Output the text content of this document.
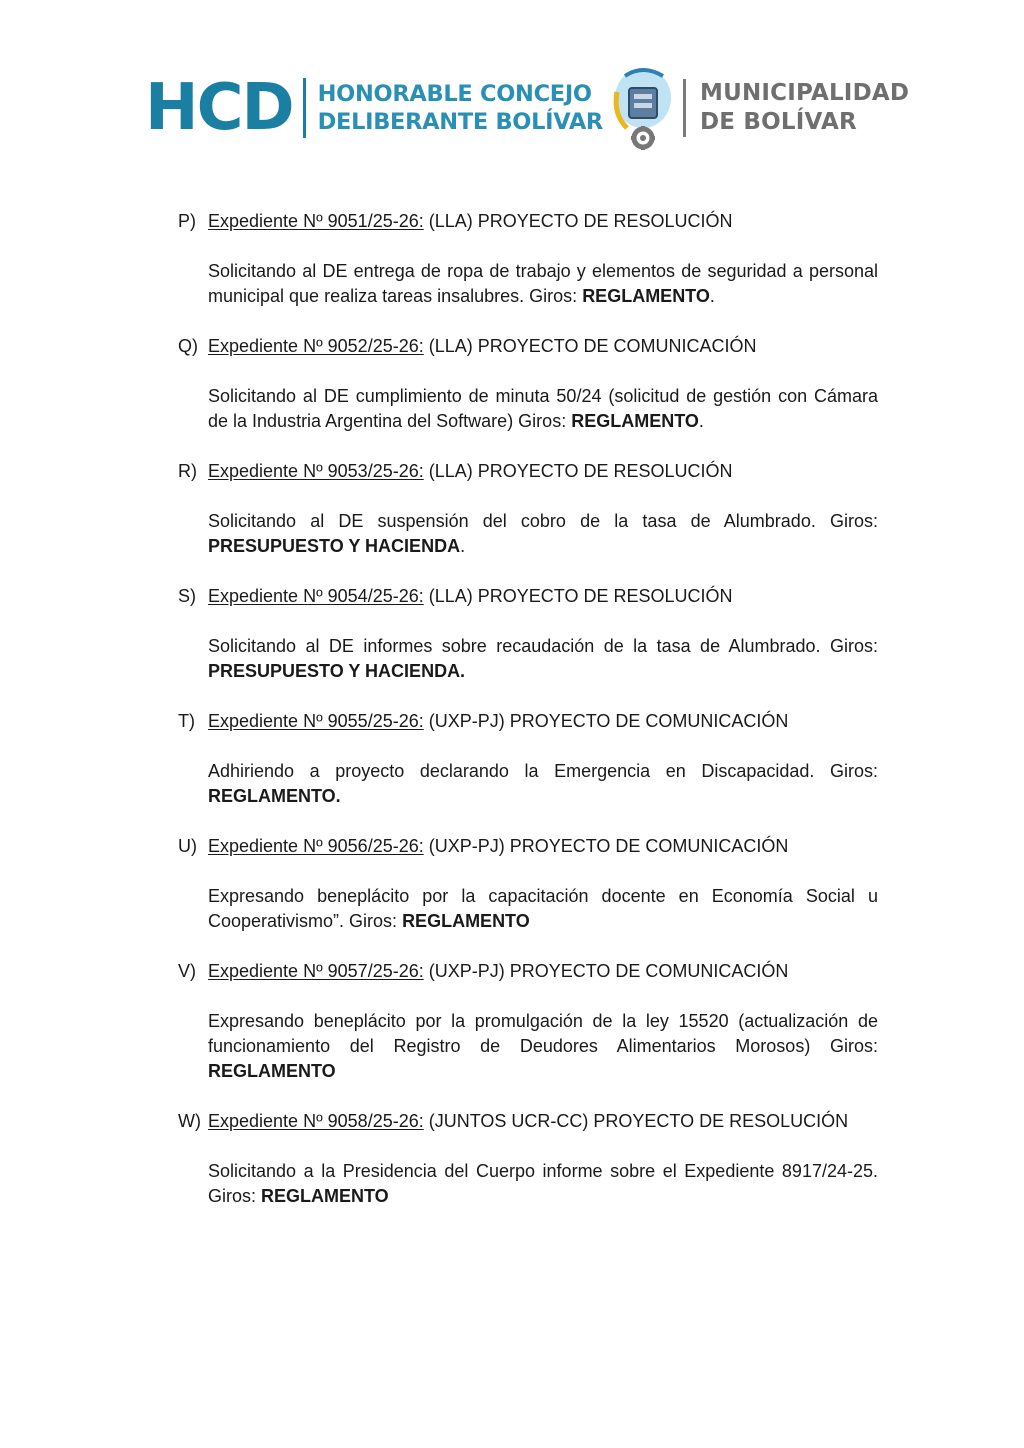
HCD HONORABLE CONCEJO
DELIBERANTE BOLÍVAR
MUNICIPALIDAD
DE BOLÍVAR
P) Expediente Nº 9051/25-26: (LLA) PROYECTO DE RESOLUCIÓN
Solicitando al DE entrega de ropa de trabajo y elementos de seguridad a personal municipal que realiza tareas insalubres. Giros: REGLAMENTO.
Q) Expediente Nº 9052/25-26: (LLA) PROYECTO DE COMUNICACIÓN
Solicitando al DE cumplimiento de minuta 50/24 (solicitud de gestión con Cámara de la Industria Argentina del Software) Giros: REGLAMENTO.
R) Expediente Nº 9053/25-26: (LLA) PROYECTO DE RESOLUCIÓN
Solicitando al DE suspensión del cobro de la tasa de Alumbrado. Giros: PRESUPUESTO Y HACIENDA.
S) Expediente Nº 9054/25-26: (LLA) PROYECTO DE RESOLUCIÓN
Solicitando al DE informes sobre recaudación de la tasa de Alumbrado. Giros: PRESUPUESTO Y HACIENDA.
T) Expediente Nº 9055/25-26: (UXP-PJ) PROYECTO DE COMUNICACIÓN
Adhiriendo a proyecto declarando la Emergencia en Discapacidad. Giros: REGLAMENTO.
U) Expediente Nº 9056/25-26: (UXP-PJ) PROYECTO DE COMUNICACIÓN
Expresando beneplácito por la capacitación docente en Economía Social u Cooperativismo”. Giros: REGLAMENTO
V) Expediente Nº 9057/25-26: (UXP-PJ) PROYECTO DE COMUNICACIÓN
Expresando beneplácito por la promulgación de la ley 15520 (actualización de funcionamiento del Registro de Deudores Alimentarios Morosos) Giros: REGLAMENTO
W) Expediente Nº 9058/25-26: (JUNTOS UCR-CC) PROYECTO DE RESOLUCIÓN
Solicitando a la Presidencia del Cuerpo informe sobre el Expediente 8917/24-25. Giros: REGLAMENTO
